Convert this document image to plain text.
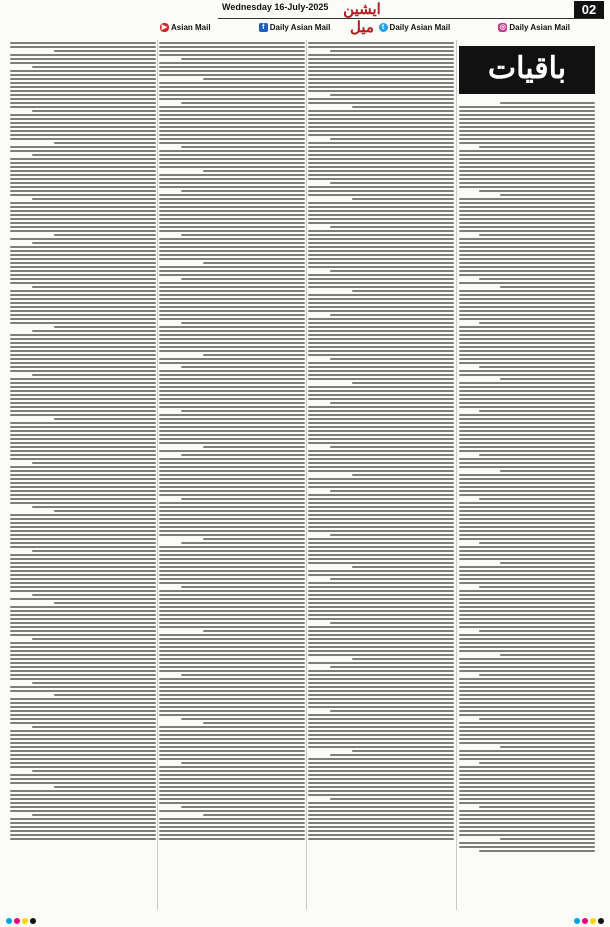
Wednesday 16-July-2025 ایشین میل
02
▶ Asian Mail	f Daily Asian Mail	t Daily Asian Mail	◎ Daily Asian Mail
باقیات
